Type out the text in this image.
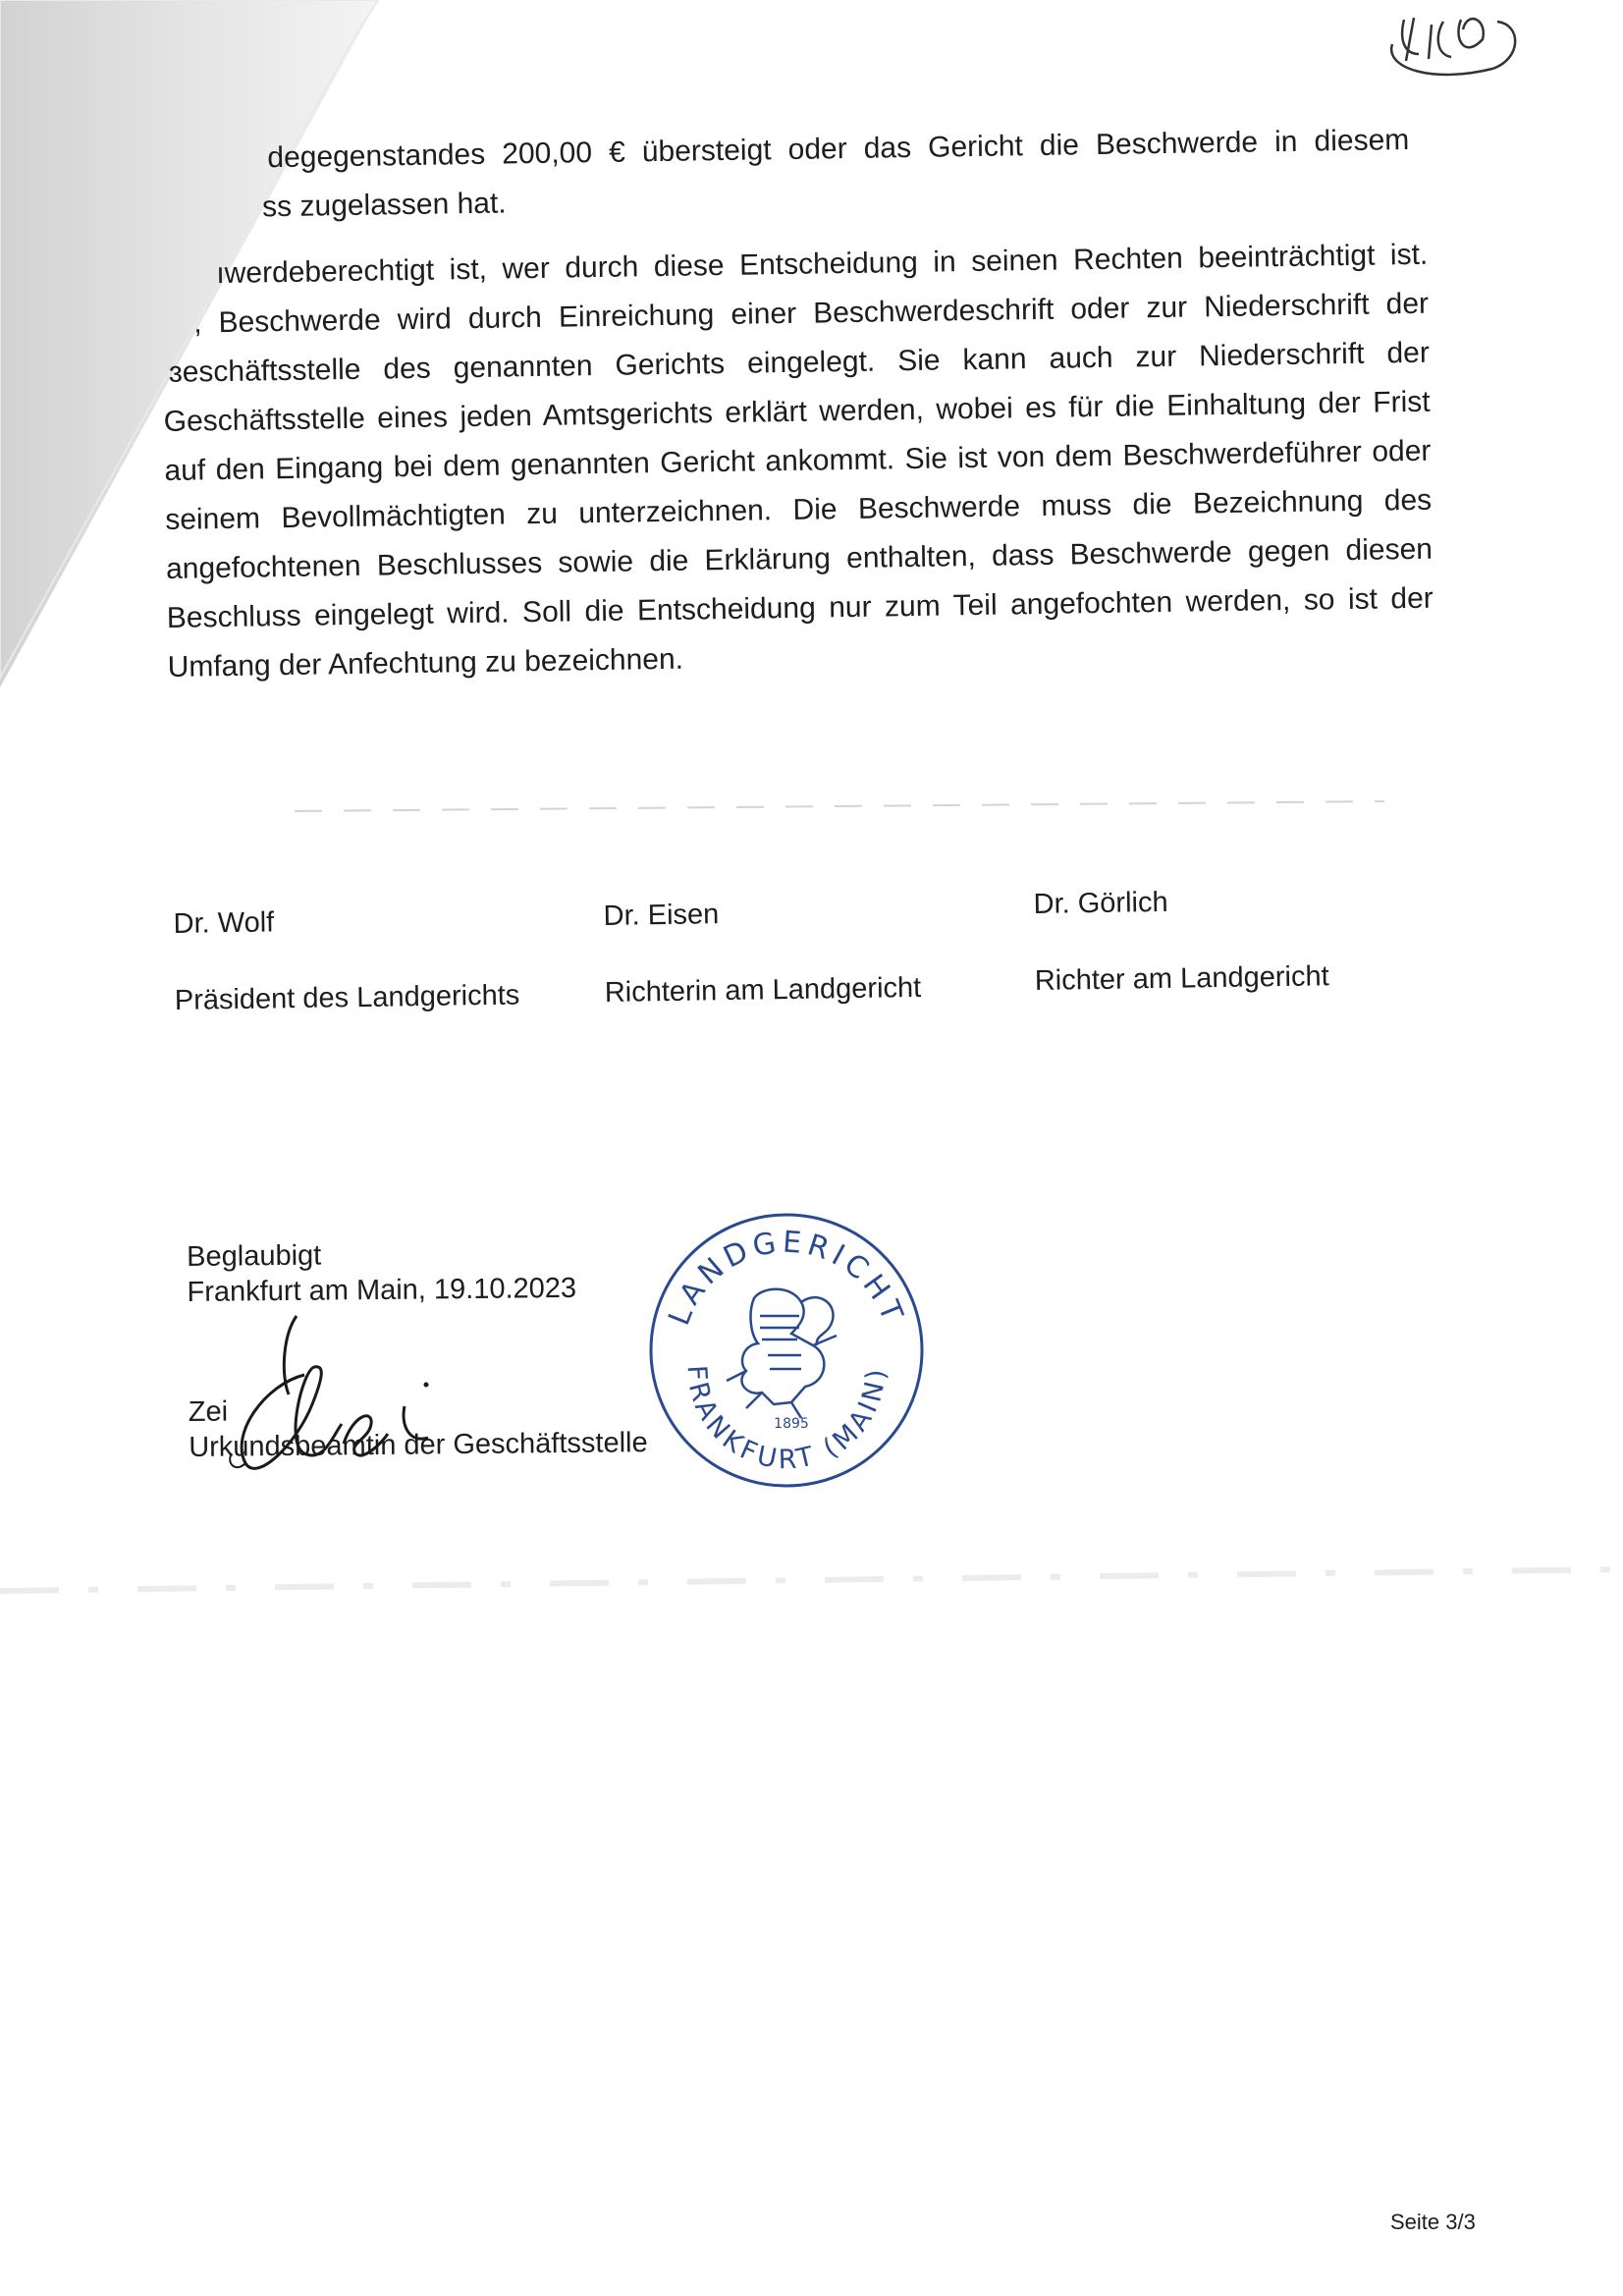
degegenstandes 200,00 € übersteigt oder das Gericht die Beschwerde in diesem
ss zugelassen hat.
ıwerdeberechtigt ist, wer durch diese Entscheidung in seinen Rechten beeinträchtigt ist.
, Beschwerde wird durch Einreichung einer Beschwerdeschrift oder zur Niederschrift der
ɜeschäftsstelle des genannten Gerichts eingelegt. Sie kann auch zur Niederschrift der
Geschäftsstelle eines jeden Amtsgerichts erklärt werden, wobei es für die Einhaltung der Frist
auf den Eingang bei dem genannten Gericht ankommt. Sie ist von dem Beschwerdeführer oder
seinem Bevollmächtigten zu unterzeichnen. Die Beschwerde muss die Bezeichnung des
angefochtenen Beschlusses sowie die Erklärung enthalten, dass Beschwerde gegen diesen
Beschluss eingelegt wird. Soll die Entscheidung nur zum Teil angefochten werden, so ist der
Umfang der Anfechtung zu bezeichnen.
Dr. Wolf
Präsident des Landgerichts
Dr. Eisen
Richterin am Landgericht
Dr. Görlich
Richter am Landgericht
Beglaubigt
Frankfurt am Main, 19.10.2023
Zei
Urkundsbeamtin der Geschäftsstelle
LANDGERICHT
FRANKFURT (MAIN)
1895
Seite 3/3
